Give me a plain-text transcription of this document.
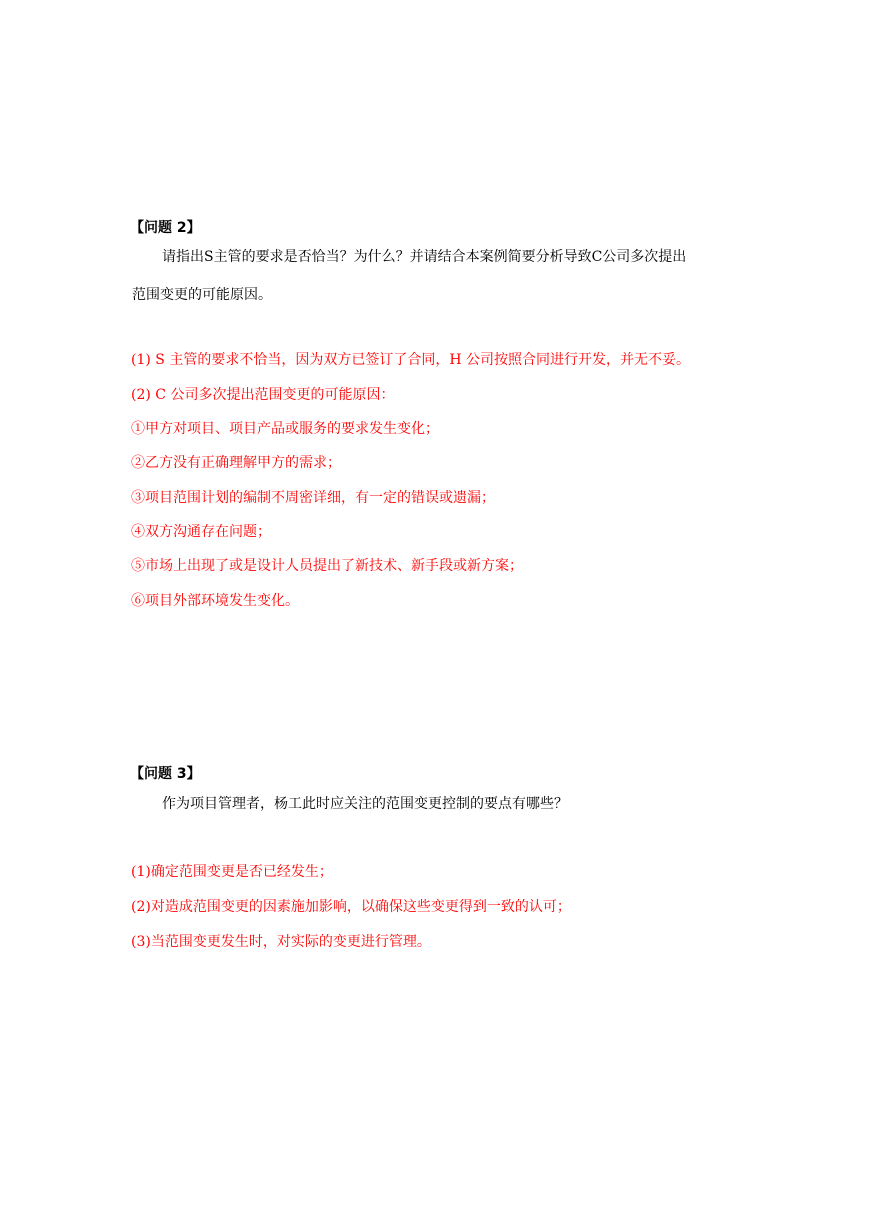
【问题 2】
请指出S主管的要求是否恰当？为什么？并请结合本案例简要分析导致C公司多次提出
范围变更的可能原因。
(1) S 主管的要求不恰当，因为双方已签订了合同，H 公司按照合同进行开发，并无不妥。
(2) C 公司多次提出范围变更的可能原因：
①甲方对项目、项目产品或服务的要求发生变化；
②乙方没有正确理解甲方的需求；
③项目范围计划的编制不周密详细，有一定的错误或遗漏；
④双方沟通存在问题；
⑤市场上出现了或是设计人员提出了新技术、新手段或新方案；
⑥项目外部环境发生变化。
【问题 3】
作为项目管理者，杨工此时应关注的范围变更控制的要点有哪些？
(1)确定范围变更是否已经发生；
(2)对造成范围变更的因素施加影响，以确保这些变更得到一致的认可；
(3)当范围变更发生时，对实际的变更进行管理。
